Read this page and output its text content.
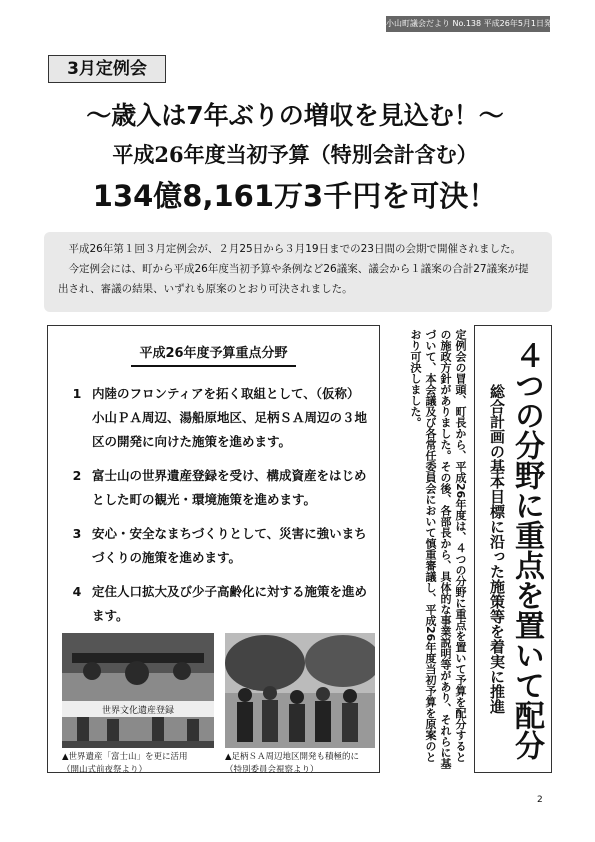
小山町議会だより No.138 平成26年5月1日発行
3月定例会
～歳入は7年ぶりの増収を見込む！～
平成26年度当初予算（特別会計含む）
134億8,161万3千円を可決！

平成26年第１回３月定例会が、２月25日から３月19日までの23日間の会期で開催されました。

今定例会には、町から平成26年度当初予算や条例など26議案、議会から１議案の合計27議案が提出され、審議の結果、いずれも原案のとおり可決されました。

平成26年度予算重点分野
1 内陸のフロンティアを拓く取組として、（仮称）小山ＰＡ周辺、湯船原地区、足柄ＳＡ周辺の３地区の開発に向けた施策を進めます。
2 富士山の世界遺産登録を受け、構成資産をはじめとした町の観光・環境施策を進めます。
3 安心・安全なまちづくりとして、災害に強いまちづくりの施策を進めます。
4 定住人口拡大及び少子高齢化に対する施策を進めます。
世界文化遺産登録
▲世界遺産「富士山」を更に活用
（開山式前夜祭より）
▲足柄ＳＡ周辺地区開発も積極的に
（特別委員会視察より）

定例会の冒頭、町長から、平成26年度は、４つの分野に重点を置いて予算を配分するとの施政方針がありました。その後、各部長から、具体的な事業説明等があり、それらに基づいて、本会議及び各常任委員会において慎重審議し、平成26年度当初予算を原案のとおり可決しました。	４つの分野に重点を置いて配分
総合計画の基本目標に沿った施策等を着実に推進
2
